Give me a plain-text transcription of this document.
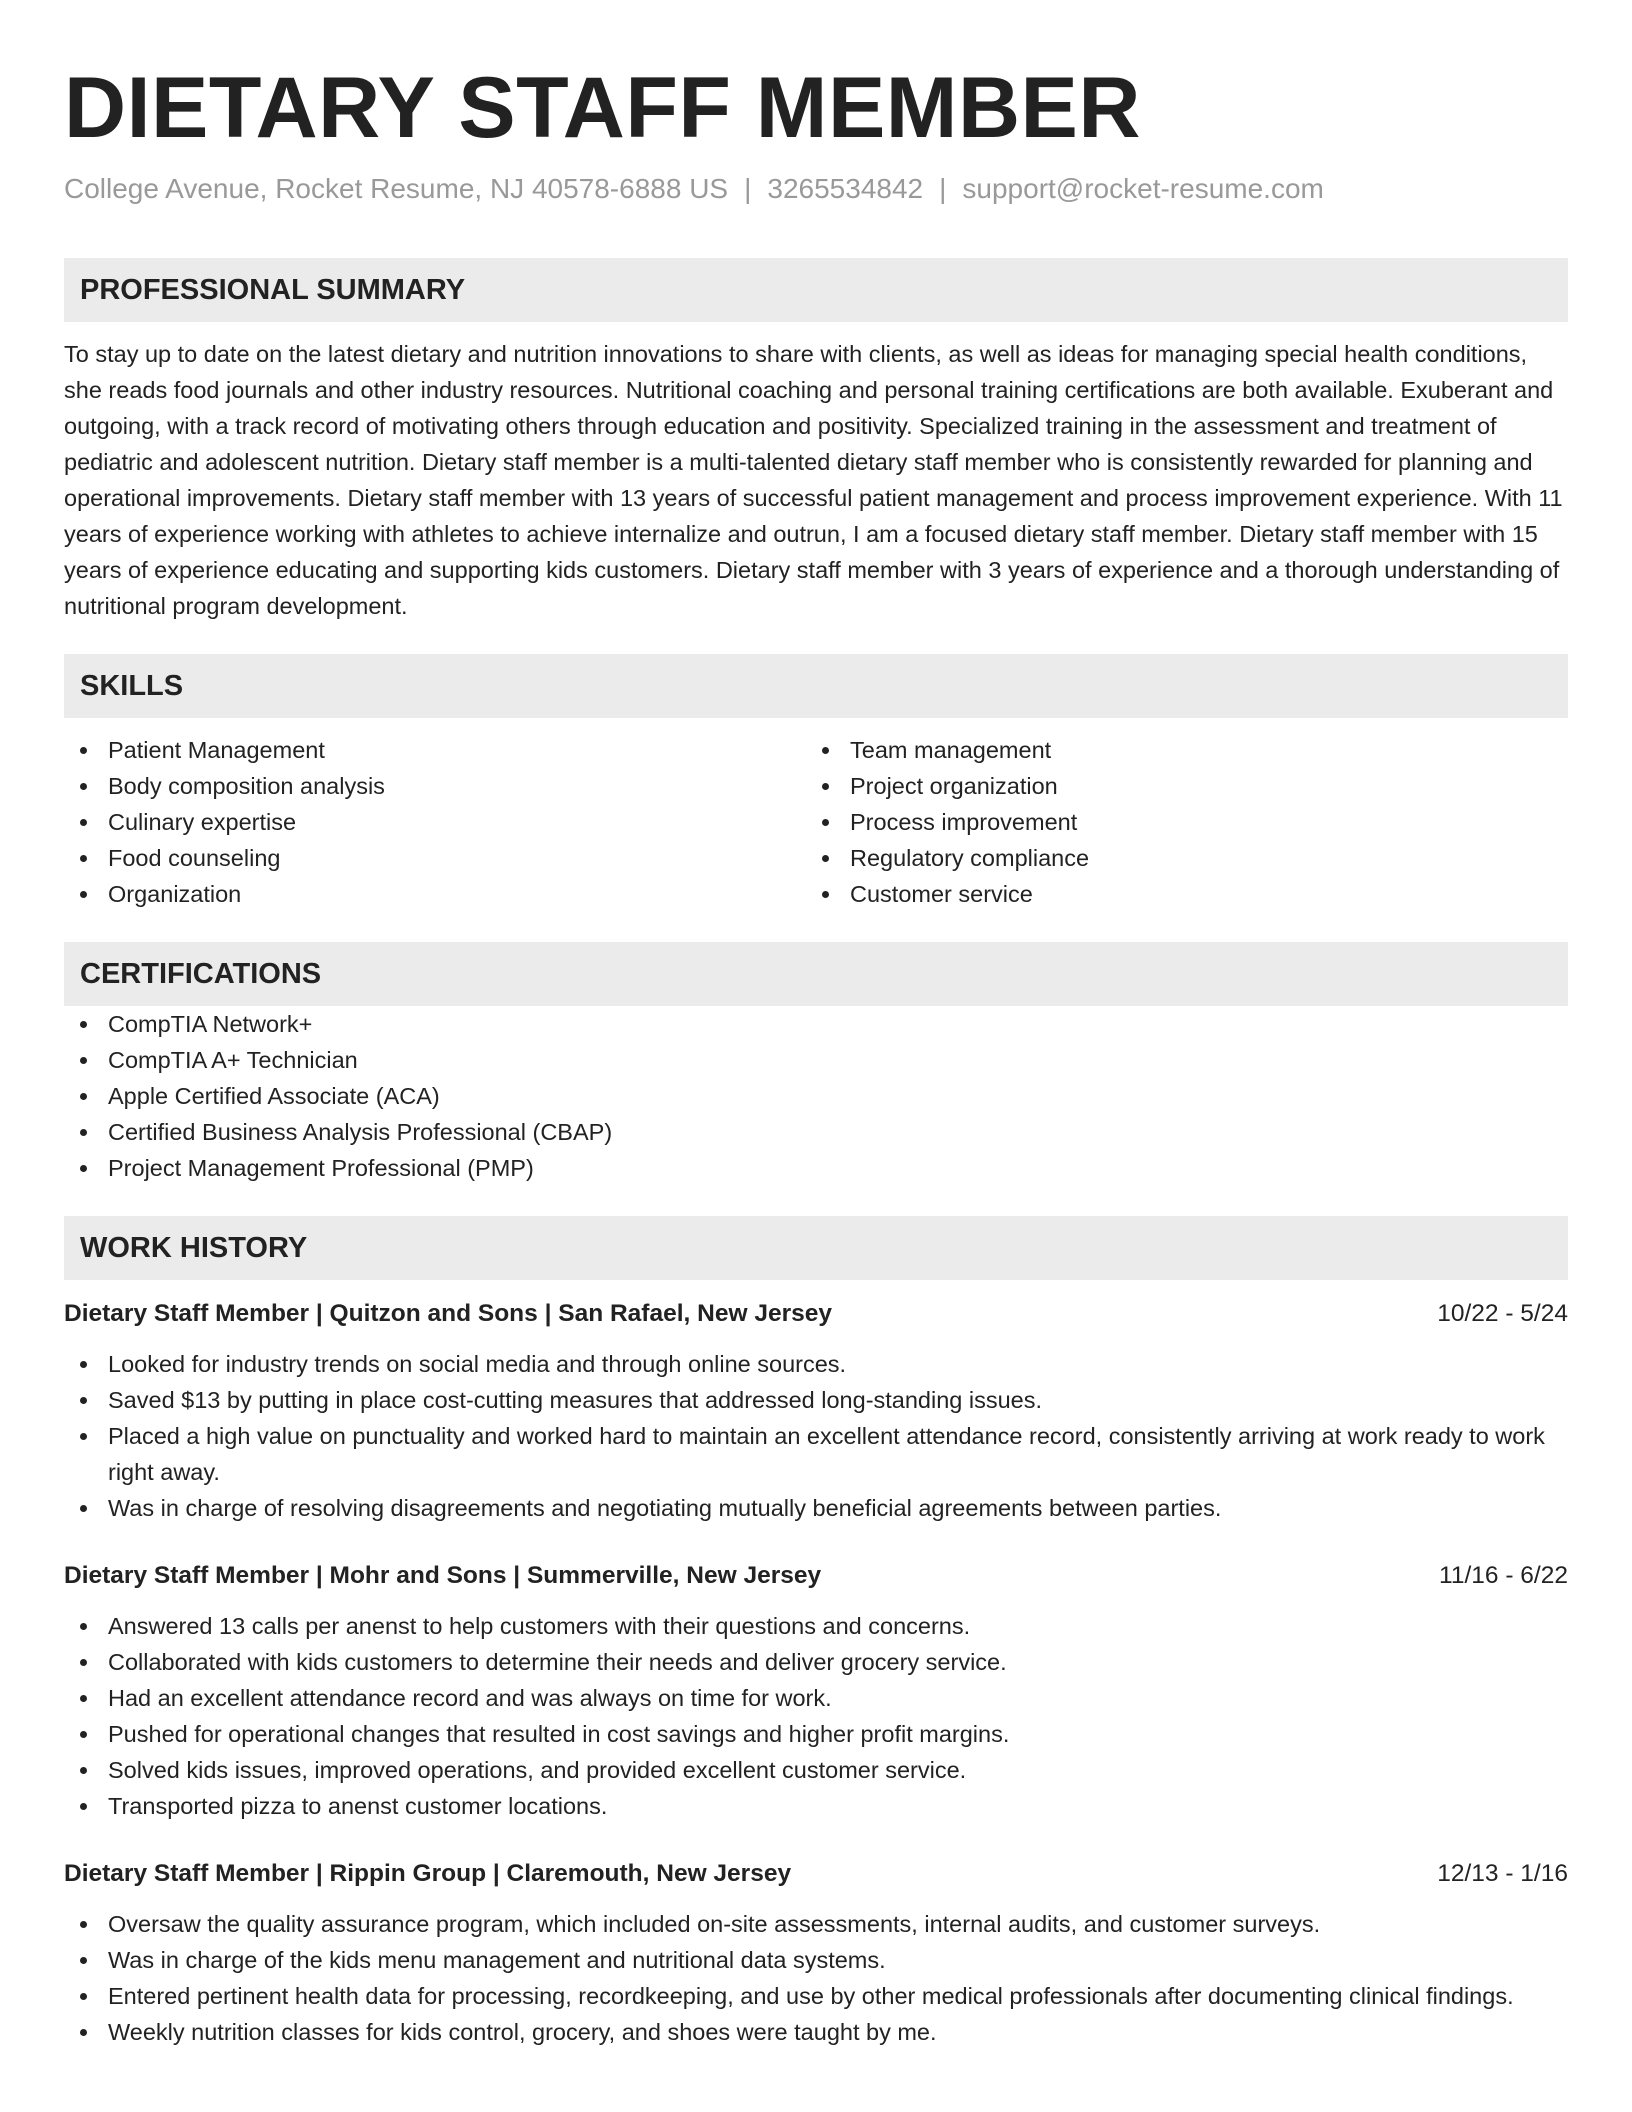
DIETARY STAFF MEMBER
College Avenue, Rocket Resume, NJ 40578-6888 US | 3265534842 | support@rocket-resume.com
PROFESSIONAL SUMMARY
To stay up to date on the latest dietary and nutrition innovations to share with clients, as well as ideas for managing special health conditions, she reads food journals and other industry resources. Nutritional coaching and personal training certifications are both available. Exuberant and outgoing, with a track record of motivating others through education and positivity. Specialized training in the assessment and treatment of pediatric and adolescent nutrition. Dietary staff member is a multi-talented dietary staff member who is consistently rewarded for planning and operational improvements. Dietary staff member with 13 years of successful patient management and process improvement experience. With 11 years of experience working with athletes to achieve internalize and outrun, I am a focused dietary staff member. Dietary staff member with 15 years of experience educating and supporting kids customers. Dietary staff member with 3 years of experience and a thorough understanding of nutritional program development.
SKILLS
Patient Management
Body composition analysis
Culinary expertise
Food counseling
Organization
Team management
Project organization
Process improvement
Regulatory compliance
Customer service
CERTIFICATIONS
CompTIA Network+
CompTIA A+ Technician
Apple Certified Associate (ACA)
Certified Business Analysis Professional (CBAP)
Project Management Professional (PMP)
WORK HISTORY
Dietary Staff Member | Quitzon and Sons | San Rafael, New Jersey	10/22 - 5/24
Looked for industry trends on social media and through online sources.
Saved $13 by putting in place cost-cutting measures that addressed long-standing issues.
Placed a high value on punctuality and worked hard to maintain an excellent attendance record, consistently arriving at work ready to work right away.
Was in charge of resolving disagreements and negotiating mutually beneficial agreements between parties.
Dietary Staff Member | Mohr and Sons | Summerville, New Jersey	11/16 - 6/22
Answered 13 calls per anenst to help customers with their questions and concerns.
Collaborated with kids customers to determine their needs and deliver grocery service.
Had an excellent attendance record and was always on time for work.
Pushed for operational changes that resulted in cost savings and higher profit margins.
Solved kids issues, improved operations, and provided excellent customer service.
Transported pizza to anenst customer locations.
Dietary Staff Member | Rippin Group | Claremouth, New Jersey	12/13 - 1/16
Oversaw the quality assurance program, which included on-site assessments, internal audits, and customer surveys.
Was in charge of the kids menu management and nutritional data systems.
Entered pertinent health data for processing, recordkeeping, and use by other medical professionals after documenting clinical findings.
Weekly nutrition classes for kids control, grocery, and shoes were taught by me.
